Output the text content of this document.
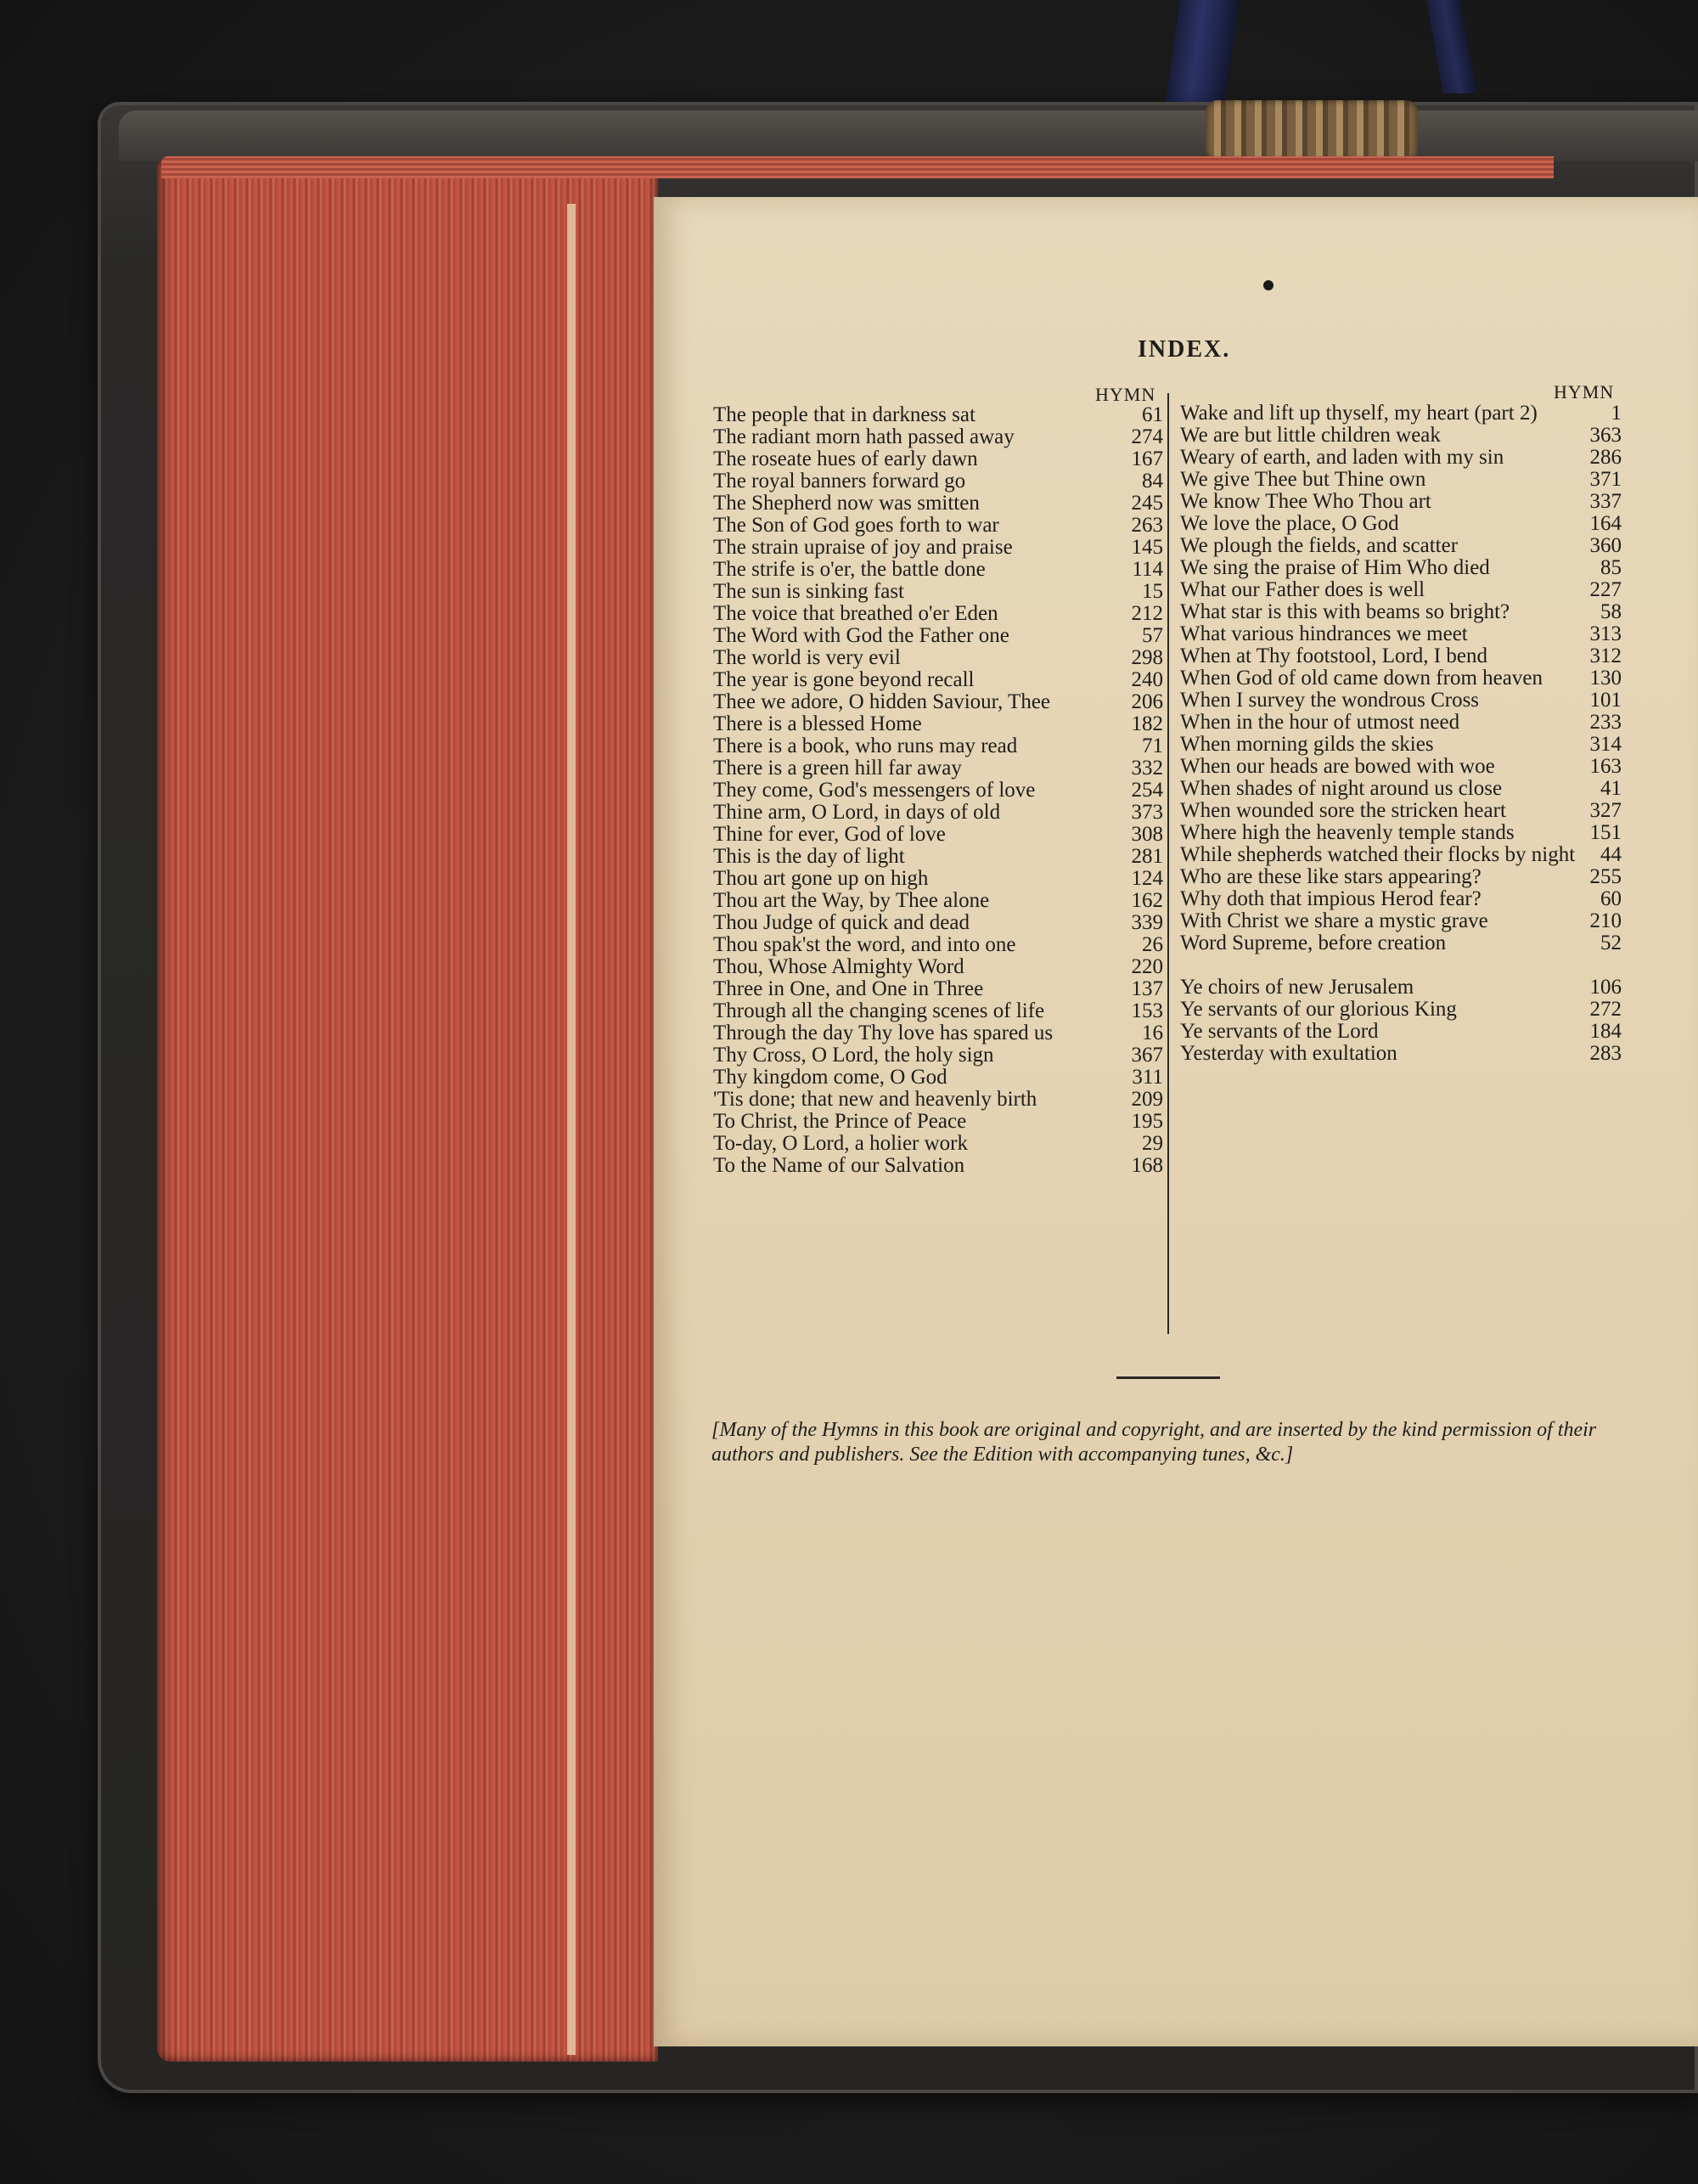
INDEX.
HYMN	HYMN
The people that in darkness sat	61
The radiant morn hath passed away	274
The roseate hues of early dawn	167
The royal banners forward go	84
The Shepherd now was smitten	245
The Son of God goes forth to war	263
The strain upraise of joy and praise	145
The strife is o'er, the battle done	114
The sun is sinking fast	15
The voice that breathed o'er Eden	212
The Word with God the Father one	57
The world is very evil	298
The year is gone beyond recall	240
Thee we adore, O hidden Saviour, Thee	206
There is a blessed Home	182
There is a book, who runs may read	71
There is a green hill far away	332
They come, God's messengers of love	254
Thine arm, O Lord, in days of old	373
Thine for ever, God of love	308
This is the day of light	281
Thou art gone up on high	124
Thou art the Way, by Thee alone	162
Thou Judge of quick and dead	339
Thou spak'st the word, and into one	26
Thou, Whose Almighty Word	220
Three in One, and One in Three	137
Through all the changing scenes of life	153
Through the day Thy love has spared us	16
Thy Cross, O Lord, the holy sign	367
Thy kingdom come, O God	311
'Tis done; that new and heavenly birth	209
To Christ, the Prince of Peace	195
To-day, O Lord, a holier work	29
To the Name of our Salvation	168
Wake and lift up thyself, my heart (part 2)	1
We are but little children weak	363
Weary of earth, and laden with my sin	286
We give Thee but Thine own	371
We know Thee Who Thou art	337
We love the place, O God	164
We plough the fields, and scatter	360
We sing the praise of Him Who died	85
What our Father does is well	227
What star is this with beams so bright?	58
What various hindrances we meet	313
When at Thy footstool, Lord, I bend	312
When God of old came down from heaven	130
When I survey the wondrous Cross	101
When in the hour of utmost need	233
When morning gilds the skies	314
When our heads are bowed with woe	163
When shades of night around us close	41
When wounded sore the stricken heart	327
Where high the heavenly temple stands	151
While shepherds watched their flocks by night	44
Who are these like stars appearing?	255
Why doth that impious Herod fear?	60
With Christ we share a mystic grave	210
Word Supreme, before creation	52
Ye choirs of new Jerusalem	106
Ye servants of our glorious King	272
Ye servants of the Lord	184
Yesterday with exultation	283
[Many of the Hymns in this book are original and copyright, and are inserted by the kind permission of their authors and publishers. See the Edition with accompanying tunes, &c.]
